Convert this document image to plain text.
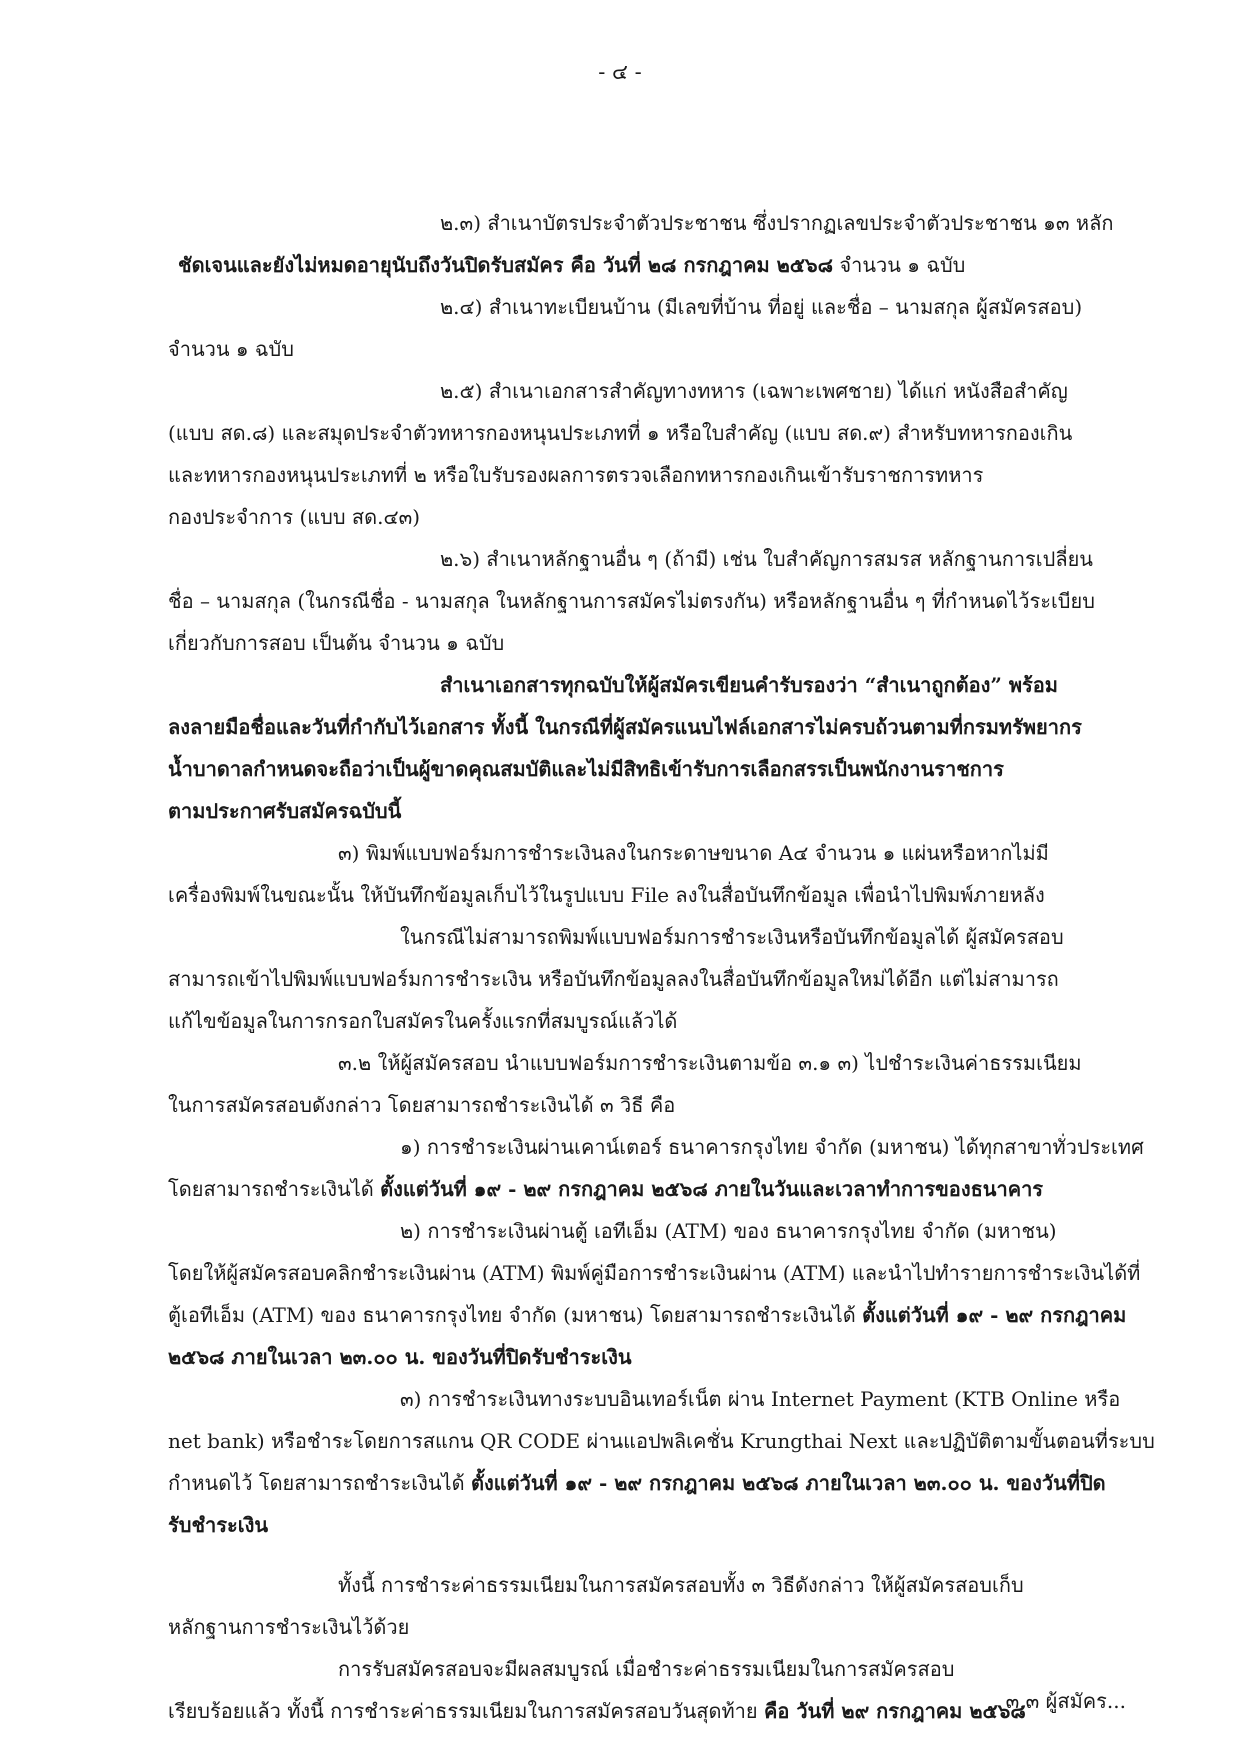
- ๔ -
๒.๓) สำเนาบัตรประจำตัวประชาชน ซึ่งปรากฏเลขประจำตัวประชาชน ๑๓ หลัก
ชัดเจนและยังไม่หมดอายุนับถึงวันปิดรับสมัคร คือ วันที่ ๒๘ กรกฎาคม ๒๕๖๘ จำนวน ๑ ฉบับ
๒.๔) สำเนาทะเบียนบ้าน (มีเลขที่บ้าน ที่อยู่ และชื่อ – นามสกุล ผู้สมัครสอบ)
จำนวน ๑ ฉบับ
๒.๕) สำเนาเอกสารสำคัญทางทหาร (เฉพาะเพศชาย) ได้แก่ หนังสือสำคัญ
(แบบ สด.๘) และสมุดประจำตัวทหารกองหนุนประเภทที่ ๑ หรือใบสำคัญ (แบบ สด.๙) สำหรับทหารกองเกิน
และทหารกองหนุนประเภทที่ ๒ หรือใบรับรองผลการตรวจเลือกทหารกองเกินเข้ารับราชการทหาร
กองประจำการ (แบบ สด.๔๓)
๒.๖) สำเนาหลักฐานอื่น ๆ (ถ้ามี) เช่น ใบสำคัญการสมรส หลักฐานการเปลี่ยน
ชื่อ – นามสกุล (ในกรณีชื่อ - นามสกุล ในหลักฐานการสมัครไม่ตรงกัน) หรือหลักฐานอื่น ๆ ที่กำหนดไว้ระเบียบ
เกี่ยวกับการสอบ เป็นต้น จำนวน ๑ ฉบับ
สำเนาเอกสารทุกฉบับให้ผู้สมัครเขียนคำรับรองว่า “สำเนาถูกต้อง” พร้อม
ลงลายมือชื่อและวันที่กำกับไว้เอกสาร ทั้งนี้ ในกรณีที่ผู้สมัครแนบไฟล์เอกสารไม่ครบถ้วนตามที่กรมทรัพยากร
น้ำบาดาลกำหนดจะถือว่าเป็นผู้ขาดคุณสมบัติและไม่มีสิทธิเข้ารับการเลือกสรรเป็นพนักงานราชการ
ตามประกาศรับสมัครฉบับนี้
๓) พิมพ์แบบฟอร์มการชำระเงินลงในกระดาษขนาด A๔ จำนวน ๑ แผ่นหรือหากไม่มี
เครื่องพิมพ์ในขณะนั้น ให้บันทึกข้อมูลเก็บไว้ในรูปแบบ File ลงในสื่อบันทึกข้อมูล เพื่อนำไปพิมพ์ภายหลัง
ในกรณีไม่สามารถพิมพ์แบบฟอร์มการชำระเงินหรือบันทึกข้อมูลได้ ผู้สมัครสอบ
สามารถเข้าไปพิมพ์แบบฟอร์มการชำระเงิน หรือบันทึกข้อมูลลงในสื่อบันทึกข้อมูลใหม่ได้อีก แต่ไม่สามารถ
แก้ไขข้อมูลในการกรอกใบสมัครในครั้งแรกที่สมบูรณ์แล้วได้
๓.๒ ให้ผู้สมัครสอบ นำแบบฟอร์มการชำระเงินตามข้อ ๓.๑ ๓) ไปชำระเงินค่าธรรมเนียม
ในการสมัครสอบดังกล่าว โดยสามารถชำระเงินได้ ๓ วิธี คือ
๑) การชำระเงินผ่านเคาน์เตอร์ ธนาคารกรุงไทย จำกัด (มหาชน) ได้ทุกสาขาทั่วประเทศ
โดยสามารถชำระเงินได้ ตั้งแต่วันที่ ๑๙ - ๒๙ กรกฎาคม ๒๕๖๘ ภายในวันและเวลาทำการของธนาคาร
๒) การชำระเงินผ่านตู้ เอทีเอ็ม (ATM) ของ ธนาคารกรุงไทย จำกัด (มหาชน)
โดยให้ผู้สมัครสอบคลิกชำระเงินผ่าน (ATM) พิมพ์คู่มือการชำระเงินผ่าน (ATM) และนำไปทำรายการชำระเงินได้ที่
ตู้เอทีเอ็ม (ATM) ของ ธนาคารกรุงไทย จำกัด (มหาชน) โดยสามารถชำระเงินได้ ตั้งแต่วันที่ ๑๙ - ๒๙ กรกฎาคม
๒๕๖๘ ภายในเวลา ๒๓.๐๐ น. ของวันที่ปิดรับชำระเงิน
๓) การชำระเงินทางระบบอินเทอร์เน็ต ผ่าน Internet Payment (KTB Online หรือ
net bank) หรือชำระโดยการสแกน QR CODE ผ่านแอปพลิเคชั่น Krungthai Next และปฏิบัติตามขั้นตอนที่ระบบ
กำหนดไว้ โดยสามารถชำระเงินได้ ตั้งแต่วันที่ ๑๙ - ๒๙ กรกฎาคม ๒๕๖๘ ภายในเวลา ๒๓.๐๐ น. ของวันที่ปิด
รับชำระเงิน
ทั้งนี้ การชำระค่าธรรมเนียมในการสมัครสอบทั้ง ๓ วิธีดังกล่าว ให้ผู้สมัครสอบเก็บ
หลักฐานการชำระเงินไว้ด้วย
การรับสมัครสอบจะมีผลสมบูรณ์ เมื่อชำระค่าธรรมเนียมในการสมัครสอบ
เรียบร้อยแล้ว ทั้งนี้ การชำระค่าธรรมเนียมในการสมัครสอบวันสุดท้าย คือ วันที่ ๒๙ กรกฎาคม ๒๕๖๘
๓.๓ ผู้สมัคร...
